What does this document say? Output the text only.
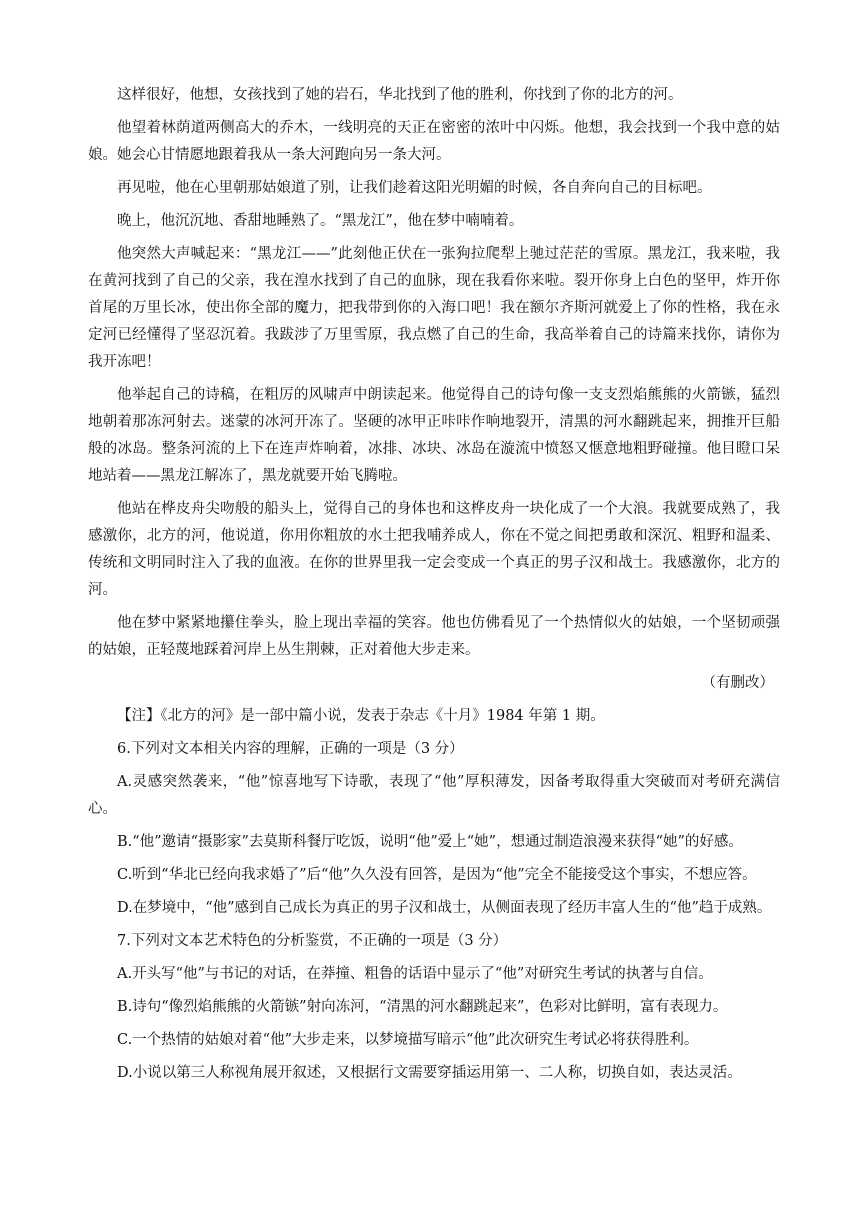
这样很好，他想，女孩找到了她的岩石，华北找到了他的胜利，你找到了你的北方的河。

他望着林荫道两侧高大的乔木，一线明亮的天正在密密的浓叶中闪烁。他想，我会找到一个我中意的姑娘。她会心甘情愿地跟着我从一条大河跑向另一条大河。

再见啦，他在心里朝那姑娘道了别，让我们趁着这阳光明媚的时候，各自奔向自己的目标吧。

晚上，他沉沉地、香甜地睡熟了。“黑龙江”，他在梦中喃喃着。

他突然大声喊起来：“黑龙江——”此刻他正伏在一张狗拉爬犁上驰过茫茫的雪原。黑龙江，我来啦，我在黄河找到了自己的父亲，我在湟水找到了自己的血脉，现在我看你来啦。裂开你身上白色的坚甲，炸开你首尾的万里长冰，使出你全部的魔力，把我带到你的入海口吧！我在额尔齐斯河就爱上了你的性格，我在永定河已经懂得了坚忍沉着。我跋涉了万里雪原，我点燃了自己的生命，我高举着自己的诗篇来找你，请你为我开冻吧！

他举起自己的诗稿，在粗厉的风啸声中朗读起来。他觉得自己的诗句像一支支烈焰熊熊的火箭镞，猛烈地朝着那冻河射去。迷蒙的冰河开冻了。坚硬的冰甲正咔咔作响地裂开，清黑的河水翻跳起来，拥推开巨船般的冰岛。整条河流的上下在连声炸响着，冰排、冰块、冰岛在漩流中愤怒又惬意地粗野碰撞。他目瞪口呆地站着——黑龙江解冻了，黑龙就要开始飞腾啦。

他站在桦皮舟尖吻般的船头上，觉得自己的身体也和这桦皮舟一块化成了一个大浪。我就要成熟了，我感激你，北方的河，他说道，你用你粗放的水土把我哺养成人，你在不觉之间把勇敢和深沉、粗野和温柔、传统和文明同时注入了我的血液。在你的世界里我一定会变成一个真正的男子汉和战士。我感激你，北方的河。

他在梦中紧紧地攥住拳头，脸上现出幸福的笑容。他也仿佛看见了一个热情似火的姑娘，一个坚韧顽强的姑娘，正轻蔑地踩着河岸上丛生荆棘，正对着他大步走来。

（有删改）

【注】《北方的河》是一部中篇小说，发表于杂志《十月》1984 年第 1 期。

6.下列对文本相关内容的理解，正确的一项是（3 分）

A.灵感突然袭来，“他”惊喜地写下诗歌，表现了“他”厚积薄发，因备考取得重大突破而对考研充满信心。

B.“他”邀请“摄影家”去莫斯科餐厅吃饭，说明“他”爱上“她”，想通过制造浪漫来获得“她”的好感。

C.听到“华北已经向我求婚了”后“他”久久没有回答，是因为“他”完全不能接受这个事实，不想应答。

D.在梦境中，“他”感到自己成长为真正的男子汉和战士，从侧面表现了经历丰富人生的“他”趋于成熟。

7.下列对文本艺术特色的分析鉴赏，不正确的一项是（3 分）

A.开头写“他”与书记的对话，在莽撞、粗鲁的话语中显示了“他”对研究生考试的执著与自信。

B.诗句“像烈焰熊熊的火箭镞”射向冻河，“清黑的河水翻跳起来”，色彩对比鲜明，富有表现力。

C.一个热情的姑娘对着“他”大步走来，以梦境描写暗示“他”此次研究生考试必将获得胜利。

D.小说以第三人称视角展开叙述，又根据行文需要穿插运用第一、二人称，切换自如，表达灵活。
